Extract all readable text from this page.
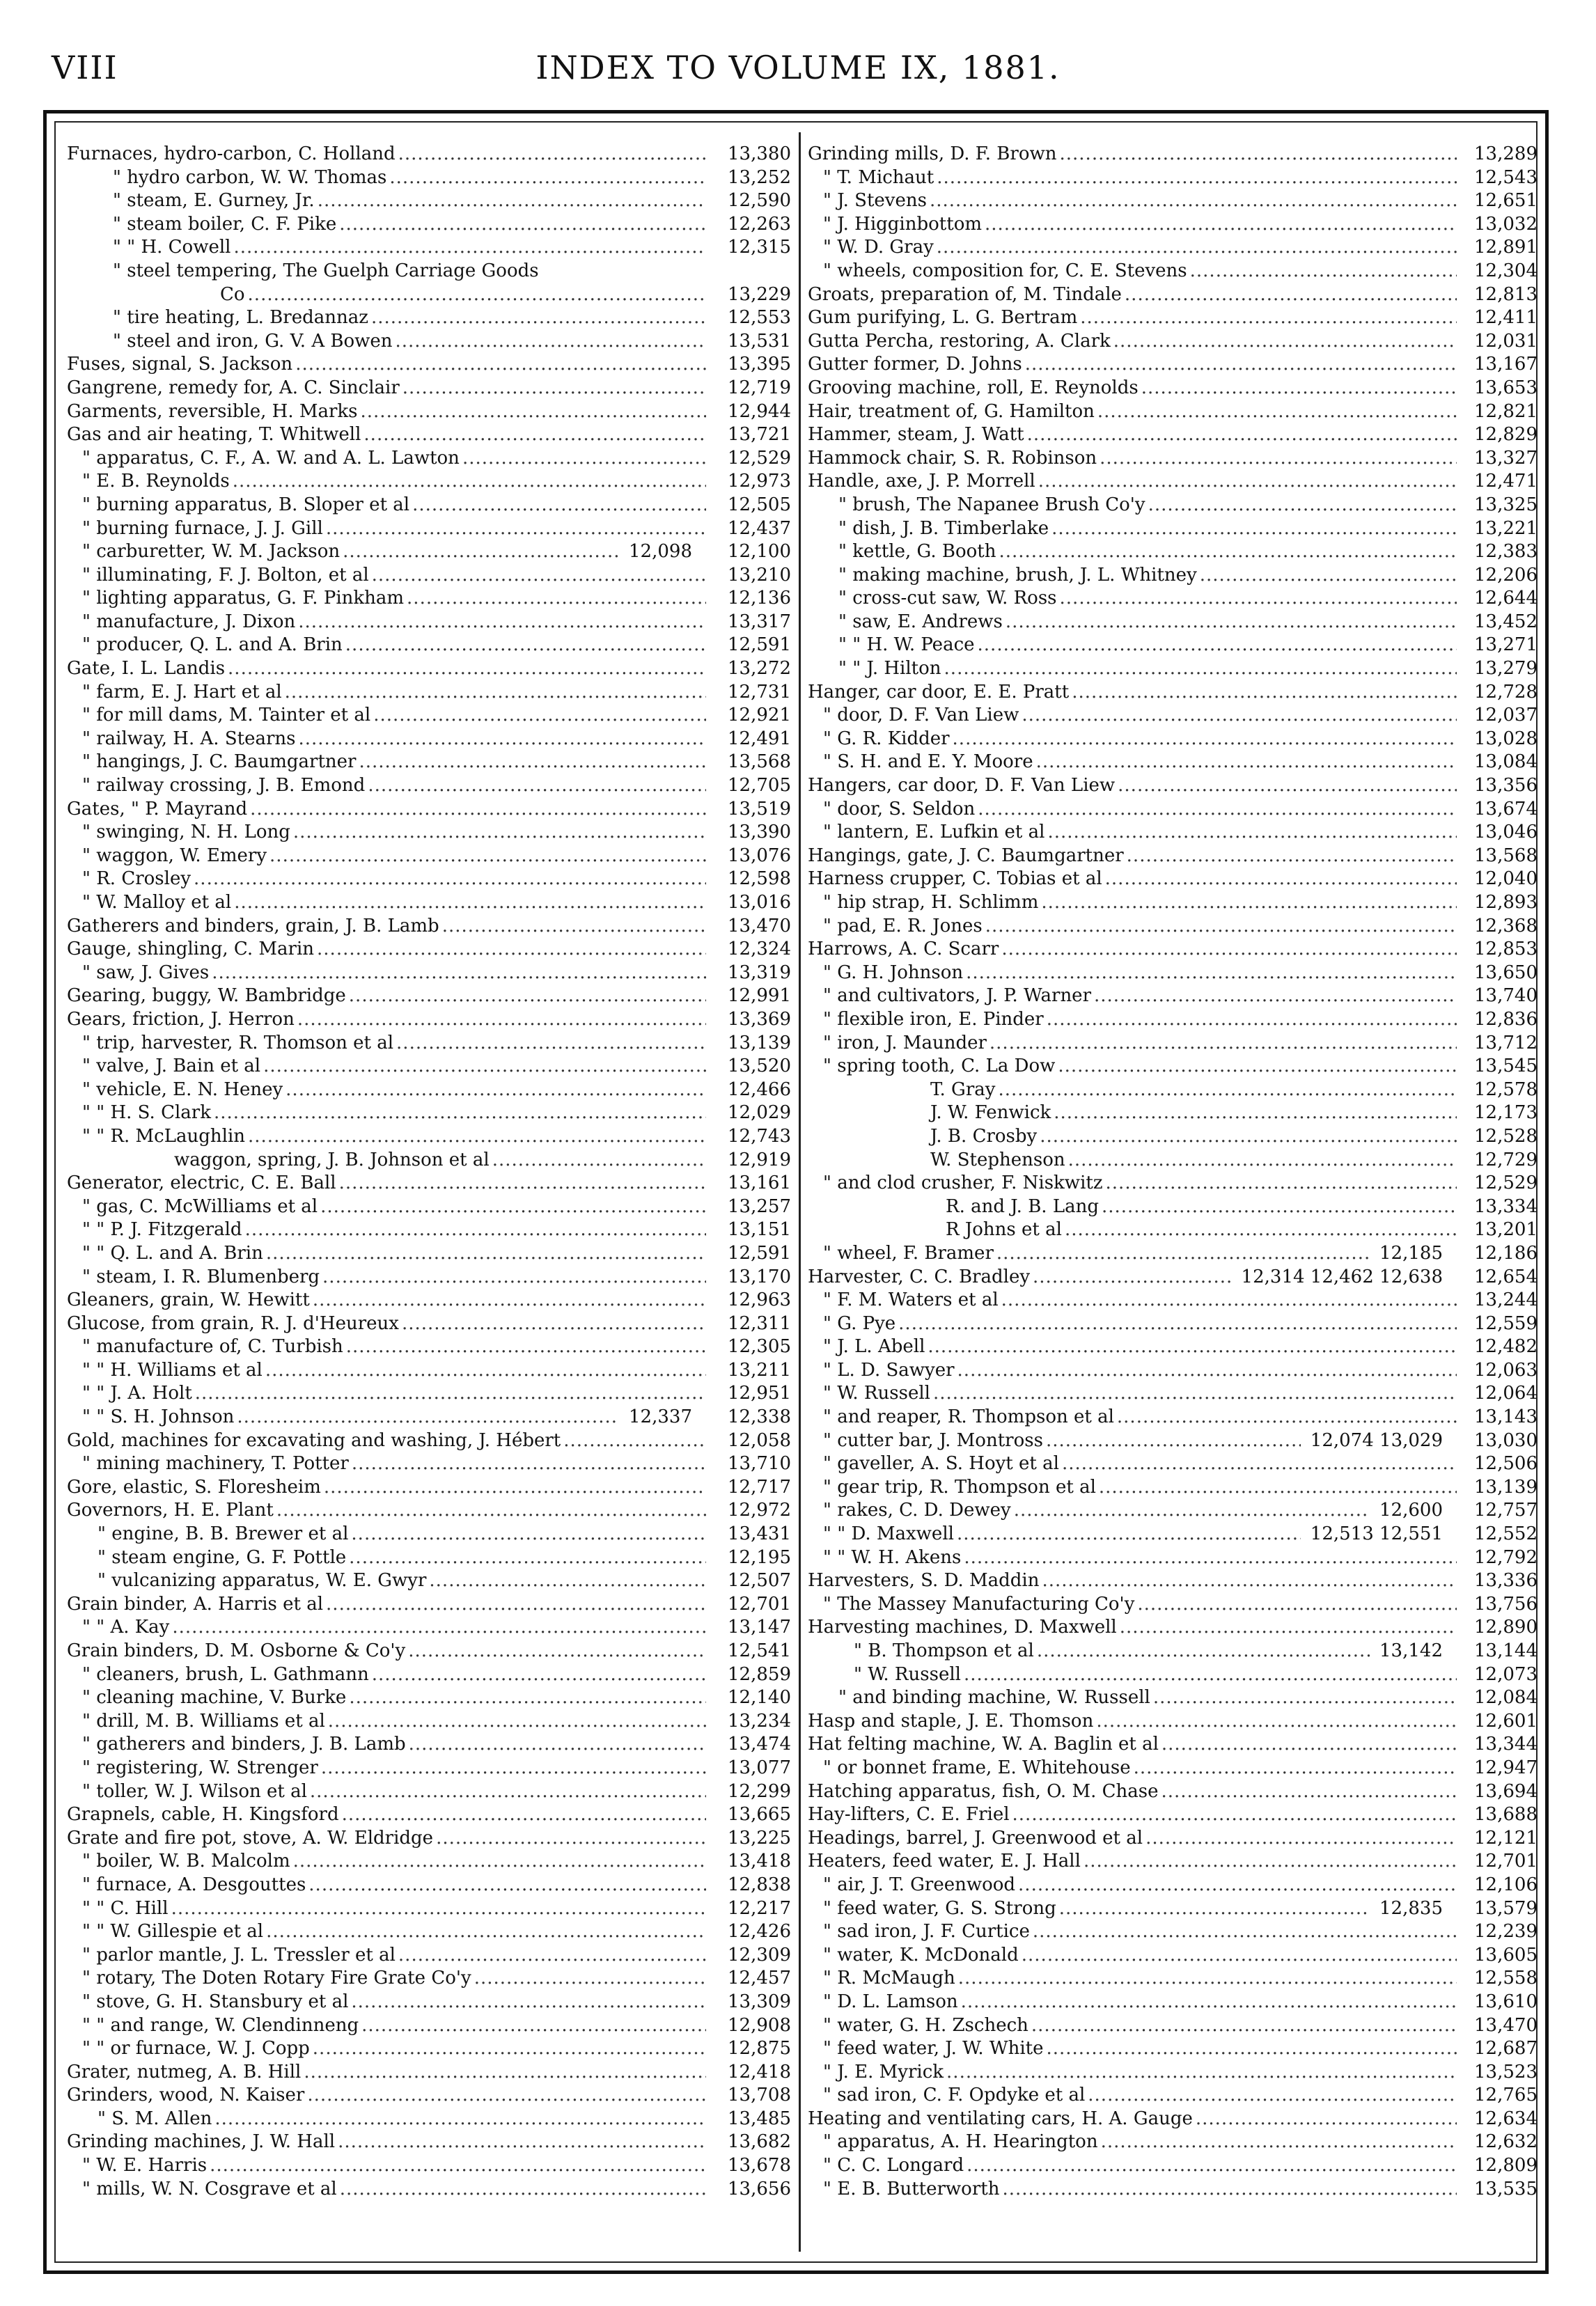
VIII	INDEX TO VOLUME IX, 1881.
Furnaces, hydro-carbon, C. Holland .....	13,380
" hydro carbon, W. W. Thomas .....	13,252
" steam, E. Gurney, Jr. .....	12,590
" steam boiler, C. F. Pike .....	12,263
" " H. Cowell .....	12,315
" steel tempering, The Guelph Carriage Goods
Co .....	13,229
" tire heating, L. Bredannaz .....	12,553
" steel and iron, G. V. A Bowen .....	13,531
Fuses, signal, S. Jackson .....	13,395
Gangrene, remedy for, A. C. Sinclair .....	12,719
Garments, reversible, H. Marks .....	12,944
Gas and air heating, T. Whitwell .....	13,721
" apparatus, C. F., A. W. and A. L. Lawton .....	12,529
" E. B. Reynolds .....	12,973
" burning apparatus, B. Sloper et al .....	12,505
" burning furnace, J. J. Gill .....	12,437
" carburetter, W. M. Jackson .....	12,098	12,100
" illuminating, F. J. Bolton, et al .....	13,210
" lighting apparatus, G. F. Pinkham .....	12,136
" manufacture, J. Dixon .....	13,317
" producer, Q. L. and A. Brin .....	12,591
Gate, I. L. Landis .....	13,272
" farm, E. J. Hart et al .....	12,731
" for mill dams, M. Tainter et al .....	12,921
" railway, H. A. Stearns .....	12,491
" hangings, J. C. Baumgartner .....	13,568
" railway crossing, J. B. Emond .....	12,705
Gates, " P. Mayrand .....	13,519
" swinging, N. H. Long .....	13,390
" waggon, W. Emery .....	13,076
" R. Crosley .....	12,598
" W. Malloy et al .....	13,016
Gatherers and binders, grain, J. B. Lamb .....	13,470
Gauge, shingling, C. Marin .....	12,324
" saw, J. Gives .....	13,319
Gearing, buggy, W. Bambridge .....	12,991
Gears, friction, J. Herron .....	13,369
" trip, harvester, R. Thomson et al .....	13,139
" valve, J. Bain et al .....	13,520
" vehicle, E. N. Heney .....	12,466
" " H. S. Clark .....	12,029
" " R. McLaughlin .....	12,743
waggon, spring, J. B. Johnson et al .....	12,919
Generator, electric, C. E. Ball .....	13,161
" gas, C. McWilliams et al .....	13,257
" " P. J. Fitzgerald .....	13,151
" " Q. L. and A. Brin .....	12,591
" steam, I. R. Blumenberg .....	13,170
Gleaners, grain, W. Hewitt .....	12,963
Glucose, from grain, R. J. d'Heureux .....	12,311
" manufacture of, C. Turbish .....	12,305
" " H. Williams et al .....	13,211
" " J. A. Holt .....	12,951
" " S. H. Johnson .....	12,337	12,338
Gold, machines for excavating and washing, J. Hébert .....	12,058
" mining machinery, T. Potter .....	13,710
Gore, elastic, S. Floresheim .....	12,717
Governors, H. E. Plant .....	12,972
" engine, B. B. Brewer et al .....	13,431
" steam engine, G. F. Pottle .....	12,195
" vulcanizing apparatus, W. E. Gwyr .....	12,507
Grain binder, A. Harris et al .....	12,701
" " A. Kay .....	13,147
Grain binders, D. M. Osborne & Co'y .....	12,541
" cleaners, brush, L. Gathmann .....	12,859
" cleaning machine, V. Burke .....	12,140
" drill, M. B. Williams et al .....	13,234
" gatherers and binders, J. B. Lamb .....	13,474
" registering, W. Strenger .....	13,077
" toller, W. J. Wilson et al .....	12,299
Grapnels, cable, H. Kingsford .....	13,665
Grate and fire pot, stove, A. W. Eldridge .....	13,225
" boiler, W. B. Malcolm .....	13,418
" furnace, A. Desgouttes .....	12,838
" " C. Hill .....	12,217
" " W. Gillespie et al .....	12,426
" parlor mantle, J. L. Tressler et al .....	12,309
" rotary, The Doten Rotary Fire Grate Co'y .....	12,457
" stove, G. H. Stansbury et al .....	13,309
" " and range, W. Clendinneng .....	12,908
" " or furnace, W. J. Copp .....	12,875
Grater, nutmeg, A. B. Hill .....	12,418
Grinders, wood, N. Kaiser .....	13,708
" S. M. Allen .....	13,485
Grinding machines, J. W. Hall .....	13,682
" W. E. Harris .....	13,678
" mills, W. N. Cosgrave et al .....	13,656
Grinding mills, D. F. Brown .....	13,289
" T. Michaut .....	12,543
" J. Stevens .....	12,651
" J. Higginbottom .....	13,032
" W. D. Gray .....	12,891
" wheels, composition for, C. E. Stevens .....	12,304
Groats, preparation of, M. Tindale .....	12,813
Gum purifying, L. G. Bertram .....	12,411
Gutta Percha, restoring, A. Clark .....	12,031
Gutter former, D. Johns .....	13,167
Grooving machine, roll, E. Reynolds .....	13,653
Hair, treatment of, G. Hamilton .....	12,821
Hammer, steam, J. Watt .....	12,829
Hammock chair, S. R. Robinson .....	13,327
Handle, axe, J. P. Morrell .....	12,471
" brush, The Napanee Brush Co'y .....	13,325
" dish, J. B. Timberlake .....	13,221
" kettle, G. Booth .....	12,383
" making machine, brush, J. L. Whitney .....	12,206
" cross-cut saw, W. Ross .....	12,644
" saw, E. Andrews .....	13,452
" " H. W. Peace .....	13,271
" " J. Hilton .....	13,279
Hanger, car door, E. E. Pratt .....	12,728
" door, D. F. Van Liew .....	12,037
" G. R. Kidder .....	13,028
" S. H. and E. Y. Moore .....	13,084
Hangers, car door, D. F. Van Liew .....	13,356
" door, S. Seldon .....	13,674
" lantern, E. Lufkin et al .....	13,046
Hangings, gate, J. C. Baumgartner .....	13,568
Harness crupper, C. Tobias et al .....	12,040
" hip strap, H. Schlimm .....	12,893
" pad, E. R. Jones .....	12,368
Harrows, A. C. Scarr .....	12,853
" G. H. Johnson .....	13,650
" and cultivators, J. P. Warner .....	13,740
" flexible iron, E. Pinder .....	12,836
" iron, J. Maunder .....	13,712
" spring tooth, C. La Dow .....	13,545
T. Gray .....	12,578
J. W. Fenwick .....	12,173
J. B. Crosby .....	12,528
W. Stephenson .....	12,729
" and clod crusher, F. Niskwitz .....	12,529
R. and J. B. Lang .....	13,334
R Johns et al .....	13,201
" wheel, F. Bramer .....	12,185	12,186
Harvester, C. C. Bradley .....	12,314 12,462 12,638	12,654
" F. M. Waters et al .....	13,244
" G. Pye .....	12,559
" J. L. Abell .....	12,482
" L. D. Sawyer .....	12,063
" W. Russell .....	12,064
" and reaper, R. Thompson et al .....	13,143
" cutter bar, J. Montross .....	12,074 13,029	13,030
" gaveller, A. S. Hoyt et al .....	12,506
" gear trip, R. Thompson et al .....	13,139
" rakes, C. D. Dewey .....	12,600	12,757
" " D. Maxwell .....	12,513 12,551	12,552
" " W. H. Akens .....	12,792
Harvesters, S. D. Maddin .....	13,336
" The Massey Manufacturing Co'y .....	13,756
Harvesting machines, D. Maxwell .....	12,890
" B. Thompson et al .....	13,142	13,144
" W. Russell .....	12,073
" and binding machine, W. Russell .....	12,084
Hasp and staple, J. E. Thomson .....	12,601
Hat felting machine, W. A. Baglin et al .....	13,344
" or bonnet frame, E. Whitehouse .....	12,947
Hatching apparatus, fish, O. M. Chase .....	13,694
Hay-lifters, C. E. Friel .....	13,688
Headings, barrel, J. Greenwood et al .....	12,121
Heaters, feed water, E. J. Hall .....	12,701
" air, J. T. Greenwood .....	12,106
" feed water, G. S. Strong .....	12,835	13,579
" sad iron, J. F. Curtice .....	12,239
" water, K. McDonald .....	13,605
" R. McMaugh .....	12,558
" D. L. Lamson .....	13,610
" water, G. H. Zschech .....	13,470
" feed water, J. W. White .....	12,687
" J. E. Myrick .....	13,523
" sad iron, C. F. Opdyke et al .....	12,765
Heating and ventilating cars, H. A. Gauge .....	12,634
" apparatus, A. H. Hearington .....	12,632
" C. C. Longard .....	12,809
" E. B. Butterworth .....	13,535
